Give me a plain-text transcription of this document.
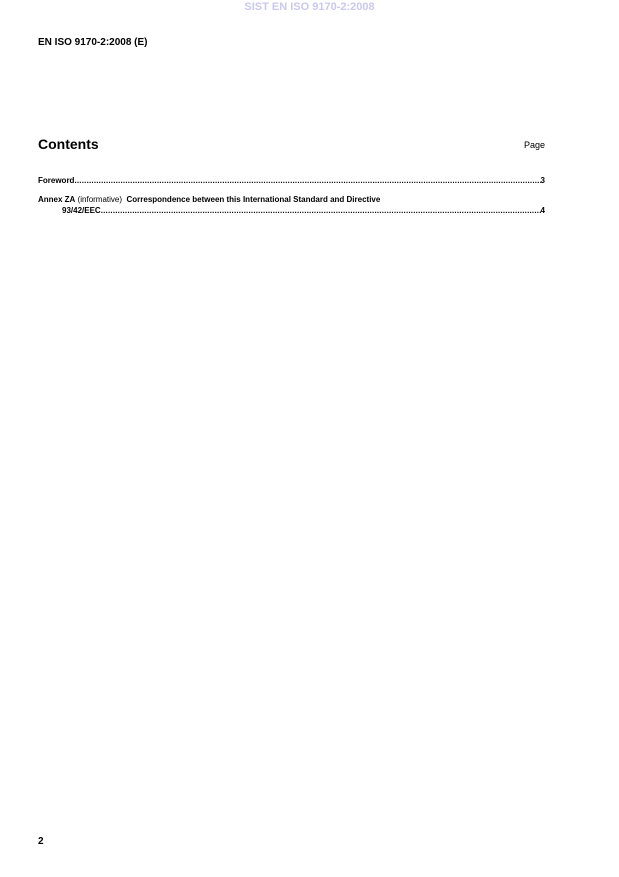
SIST EN ISO 9170-2:2008
EN ISO 9170-2:2008 (E)
Contents	Page
Foreword .....	3
Annex ZA
(informative)
Correspondence between this International Standard and Directive
93/42/EEC .....	4
2
